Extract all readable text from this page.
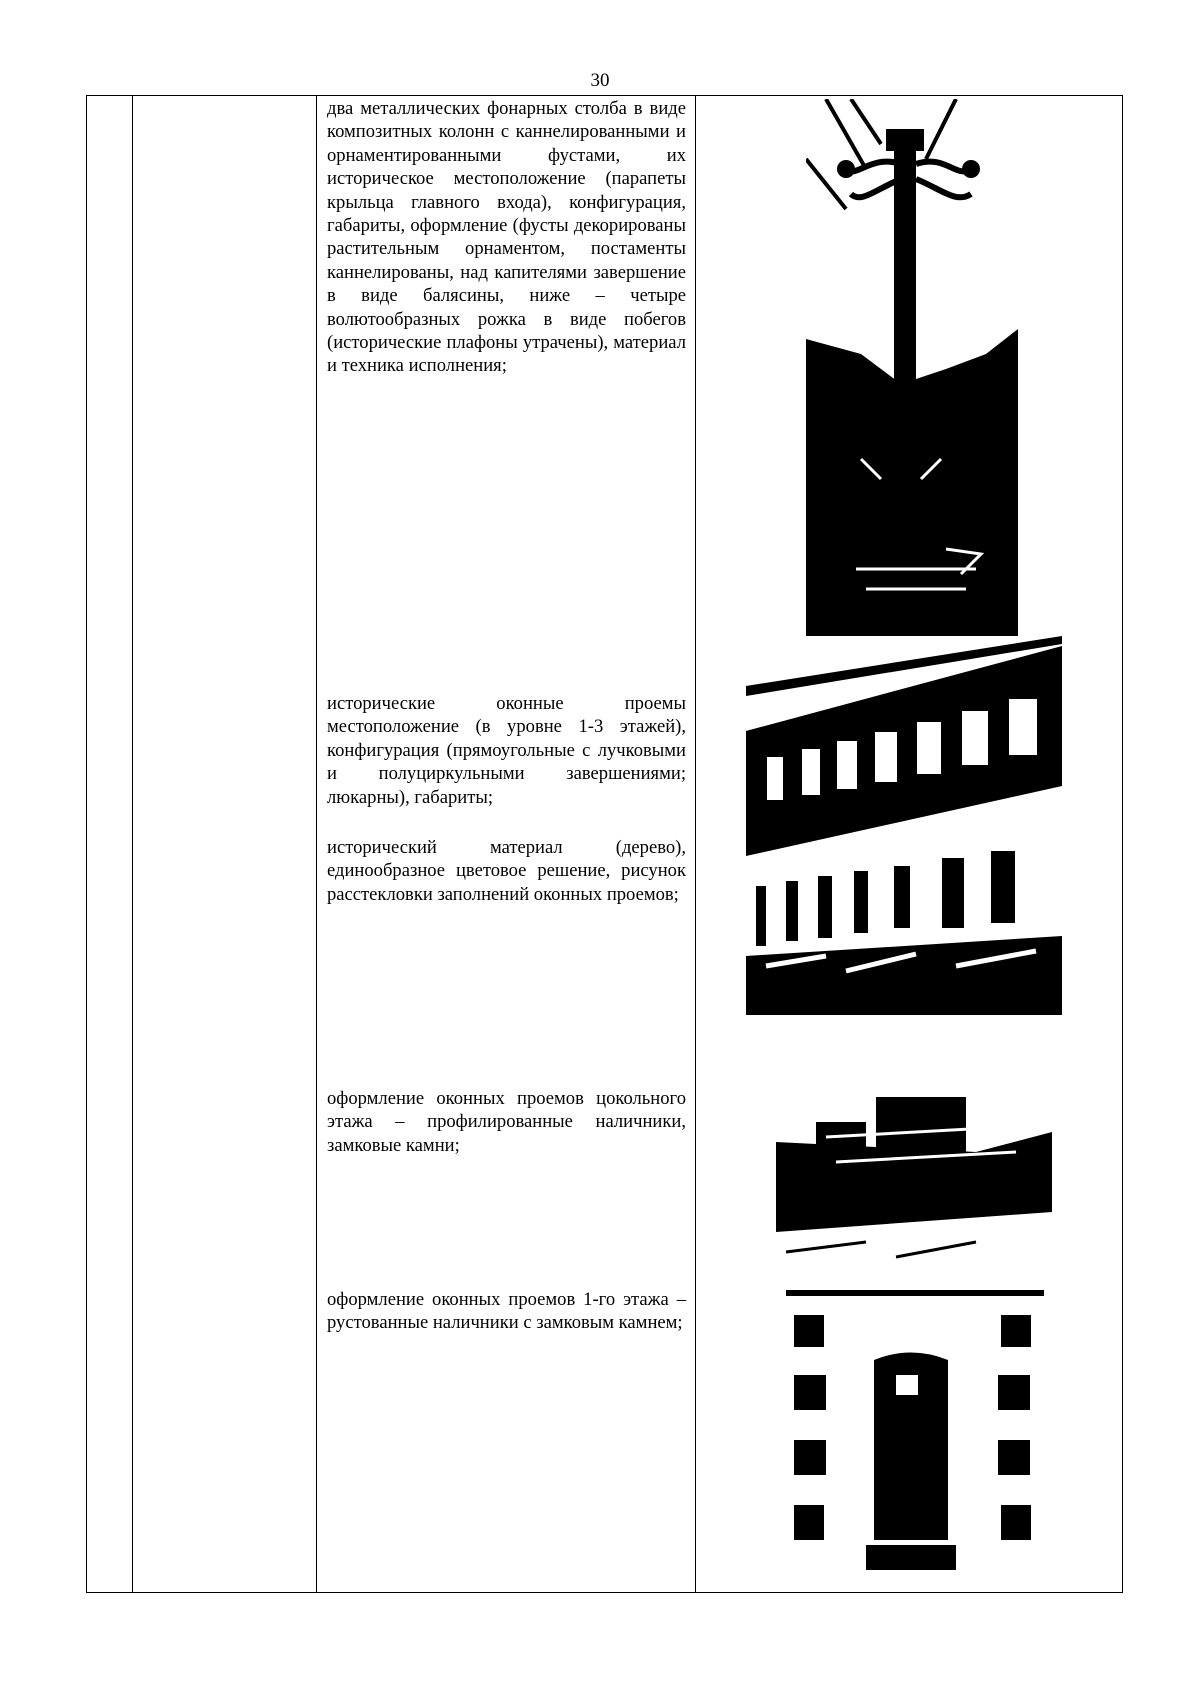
30
два металлических фонарных столба в виде композитных колонн с каннелированными и орнаментированными фустами, их историческое местоположение (парапеты крыльца главного входа), конфигурация, габариты, оформление (фусты декорированы растительным орнаментом, постаменты каннелированы, над капителями завершение в виде балясины, ниже – четыре волютообразных рожка в виде побегов (исторические плафоны утрачены), материал и техника исполнения;
исторические оконные проемы местоположение (в уровне 1-3 этажей), конфигурация (прямоугольные с лучковыми и полуциркульными завершениями; люкарны), габариты;
исторический материал (дерево), единообразное цветовое решение, рисунок расстекловки заполнений оконных проемов;
оформление оконных проемов цокольного этажа – профилированные наличники, замковые камни;
оформление оконных проемов 1-го этажа – рустованные наличники с замковым камнем;
